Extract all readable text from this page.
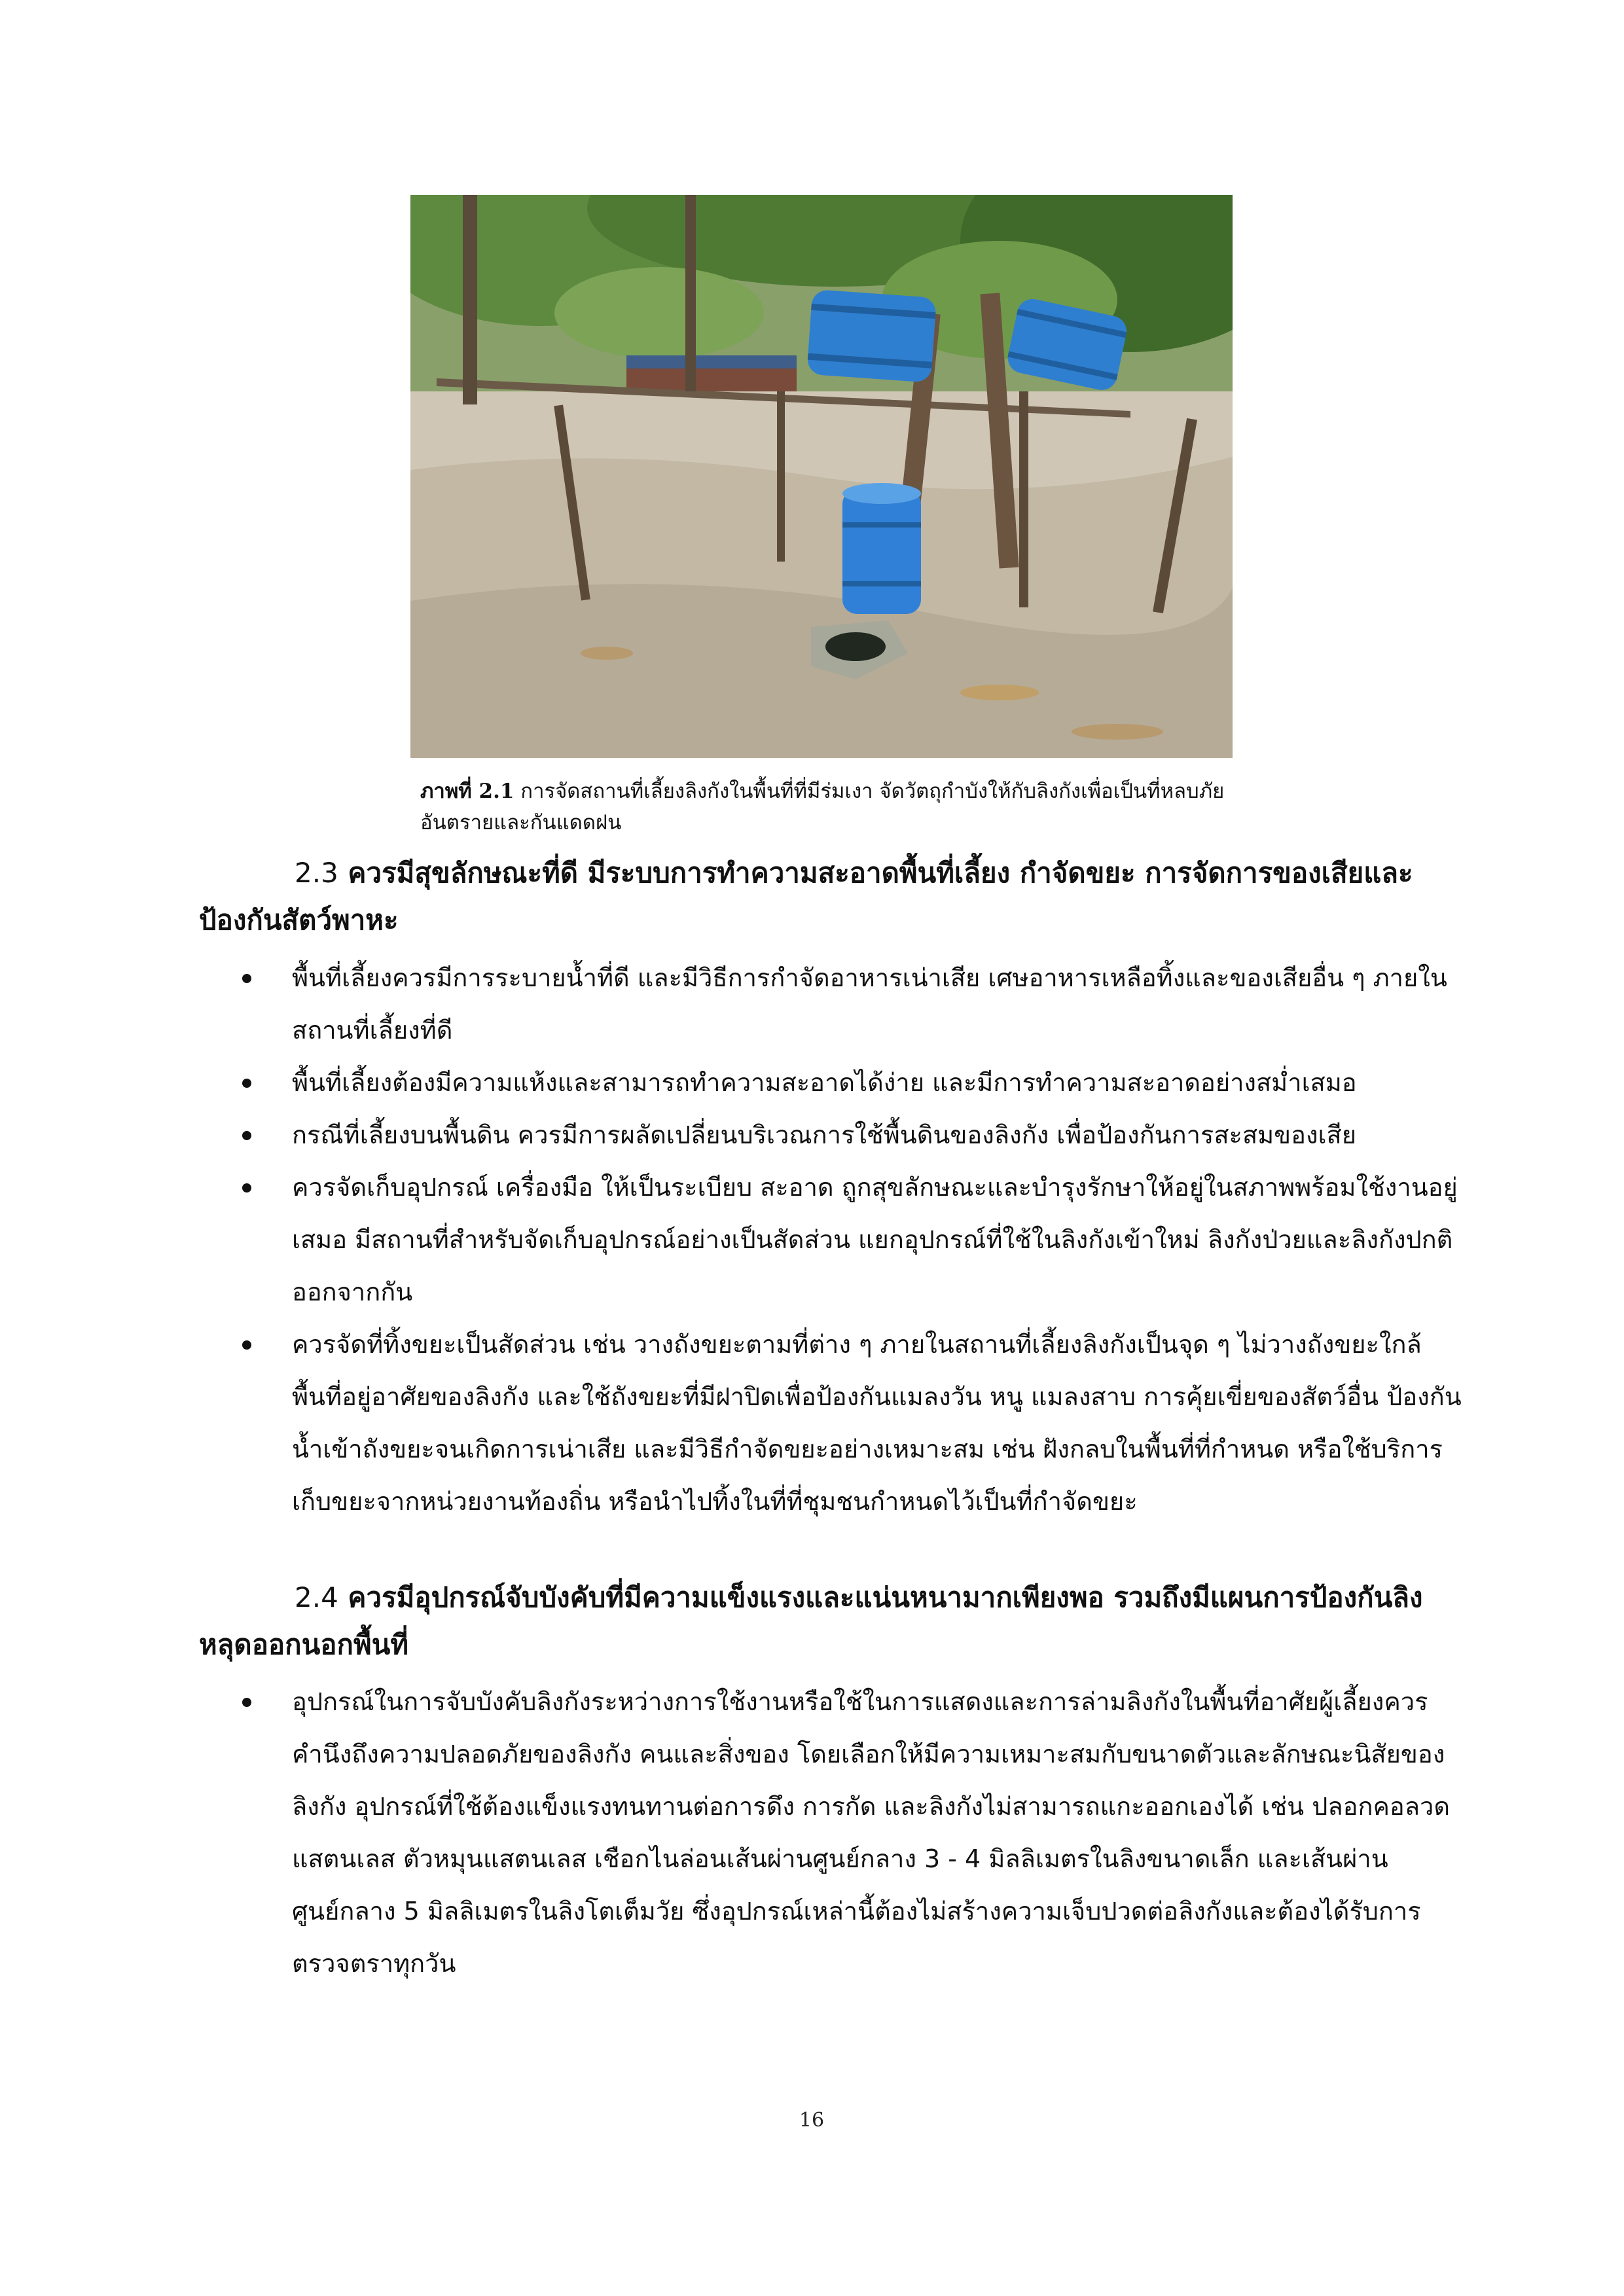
ภาพที่ 2.1 การจัดสถานที่เลี้ยงลิงกังในพื้นที่ที่มีร่มเงา จัดวัตถุกำบังให้กับลิงกังเพื่อเป็นที่หลบภัยอันตรายและกันแดดฝน
2.3 ควรมีสุขลักษณะที่ดี มีระบบการทำความสะอาดพื้นที่เลี้ยง กำจัดขยะ การจัดการของเสียและป้องกันสัตว์พาหะ
พื้นที่เลี้ยงควรมีการระบายน้ำที่ดี และมีวิธีการกำจัดอาหารเน่าเสีย เศษอาหารเหลือทิ้งและของเสียอื่น ๆ ภายในสถานที่เลี้ยงที่ดี
พื้นที่เลี้ยงต้องมีความแห้งและสามารถทำความสะอาดได้ง่าย และมีการทำความสะอาดอย่างสม่ำเสมอ
กรณีที่เลี้ยงบนพื้นดิน ควรมีการผลัดเปลี่ยนบริเวณการใช้พื้นดินของลิงกัง เพื่อป้องกันการสะสมของเสีย
ควรจัดเก็บอุปกรณ์ เครื่องมือ ให้เป็นระเบียบ สะอาด ถูกสุขลักษณะและบำรุงรักษาให้อยู่ในสภาพพร้อมใช้งานอยู่เสมอ มีสถานที่สำหรับจัดเก็บอุปกรณ์อย่างเป็นสัดส่วน แยกอุปกรณ์ที่ใช้ในลิงกังเข้าใหม่ ลิงกังป่วยและลิงกังปกติออกจากกัน
ควรจัดที่ทิ้งขยะเป็นสัดส่วน เช่น วางถังขยะตามที่ต่าง ๆ ภายในสถานที่เลี้ยงลิงกังเป็นจุด ๆ ไม่วางถังขยะใกล้พื้นที่อยู่อาศัยของลิงกัง และใช้ถังขยะที่มีฝาปิดเพื่อป้องกันแมลงวัน หนู แมลงสาบ การคุ้ยเขี่ยของสัตว์อื่น ป้องกันน้ำเข้าถังขยะจนเกิดการเน่าเสีย และมีวิธีกำจัดขยะอย่างเหมาะสม เช่น ฝังกลบในพื้นที่ที่กำหนด หรือใช้บริการเก็บขยะจากหน่วยงานท้องถิ่น หรือนำไปทิ้งในที่ที่ชุมชนกำหนดไว้เป็นที่กำจัดขยะ
2.4 ควรมีอุปกรณ์จับบังคับที่มีความแข็งแรงและแน่นหนามากเพียงพอ รวมถึงมีแผนการป้องกันลิงหลุดออกนอกพื้นที่
อุปกรณ์ในการจับบังคับลิงกังระหว่างการใช้งานหรือใช้ในการแสดงและการล่ามลิงกังในพื้นที่อาศัยผู้เลี้ยงควรคำนึงถึงความปลอดภัยของลิงกัง คนและสิ่งของ โดยเลือกให้มีความเหมาะสมกับขนาดตัวและลักษณะนิสัยของลิงกัง อุปกรณ์ที่ใช้ต้องแข็งแรงทนทานต่อการดึง การกัด และลิงกังไม่สามารถแกะออกเองได้ เช่น ปลอกคอลวดแสตนเลส ตัวหมุนแสตนเลส เชือกไนล่อนเส้นผ่านศูนย์กลาง 3 - 4 มิลลิเมตรในลิงขนาดเล็ก และเส้นผ่านศูนย์กลาง 5 มิลลิเมตรในลิงโตเต็มวัย ซึ่งอุปกรณ์เหล่านี้ต้องไม่สร้างความเจ็บปวดต่อลิงกังและต้องได้รับการตรวจตราทุกวัน
16
